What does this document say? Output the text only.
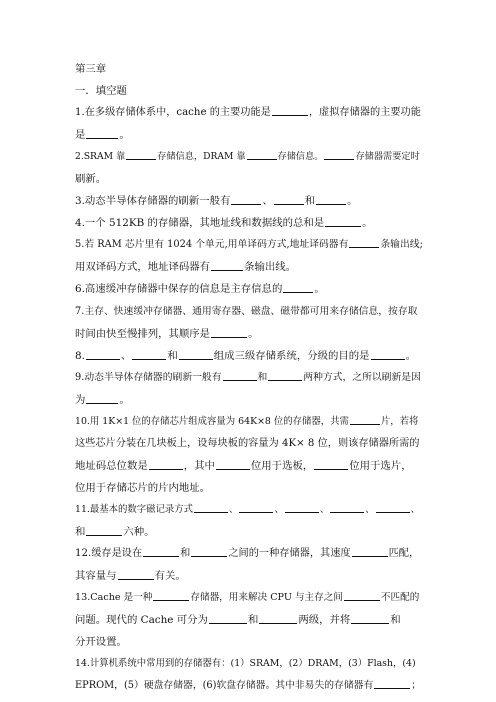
第三章
一．填空题
1.在多级存储体系中，cache 的主要功能是	，虚拟存储器的主要功能
是	。
2.SRAM 靠	存储信息，DRAM 靠	存储信息。	存储器需要定时
刷新。
3.动态半导体存储器的刷新一般有	、	和	。
4.一个 512KB 的存储器，其地址线和数据线的总和是	。
5.若 RAM 芯片里有 1024 个单元,用单译码方式,地址译码器有	条输出线;
用双译码方式，地址译码器有	条输出线。
6.高速缓冲存储器中保存的信息是主存信息的	。
7.主存、快速缓冲存储器、通用寄存器、磁盘、磁带都可用来存储信息，按存取
时间由快至慢排列，其顺序是	。
8.	、	和	组成三级存储系统，分级的目的是	。
9.动态半导体存储器的刷新一般有	和	两种方式，之所以刷新是因
为	。
10.用 1K×1 位的存储芯片组成容量为 64K×8 位的存储器，共需	片，若将
这些芯片分装在几块板上，设每块板的容量为 4K× 8 位，则该存储器所需的
地址码总位数是	，其中	位用于选板，	位用于选片，
位用于存储芯片的片内地址。
11.最基本的数字磁记录方式	、	、	、	、	、
和	六种。
12.缓存是设在	和	之间的一种存储器，其速度	匹配，
其容量与	有关。
13.Cache 是一种	存储器，用来解决 CPU 与主存之间	不匹配的
问题。现代的 Cache 可分为	和	两级，并将	和
分开设置。
14.计算机系统中常用到的存储器有：(1）SRAM，(2）DRAM，(3）Flash，(4)
EPROM，(5）硬盘存储器，(6)软盘存储器。其中非易失的存储器有	；
